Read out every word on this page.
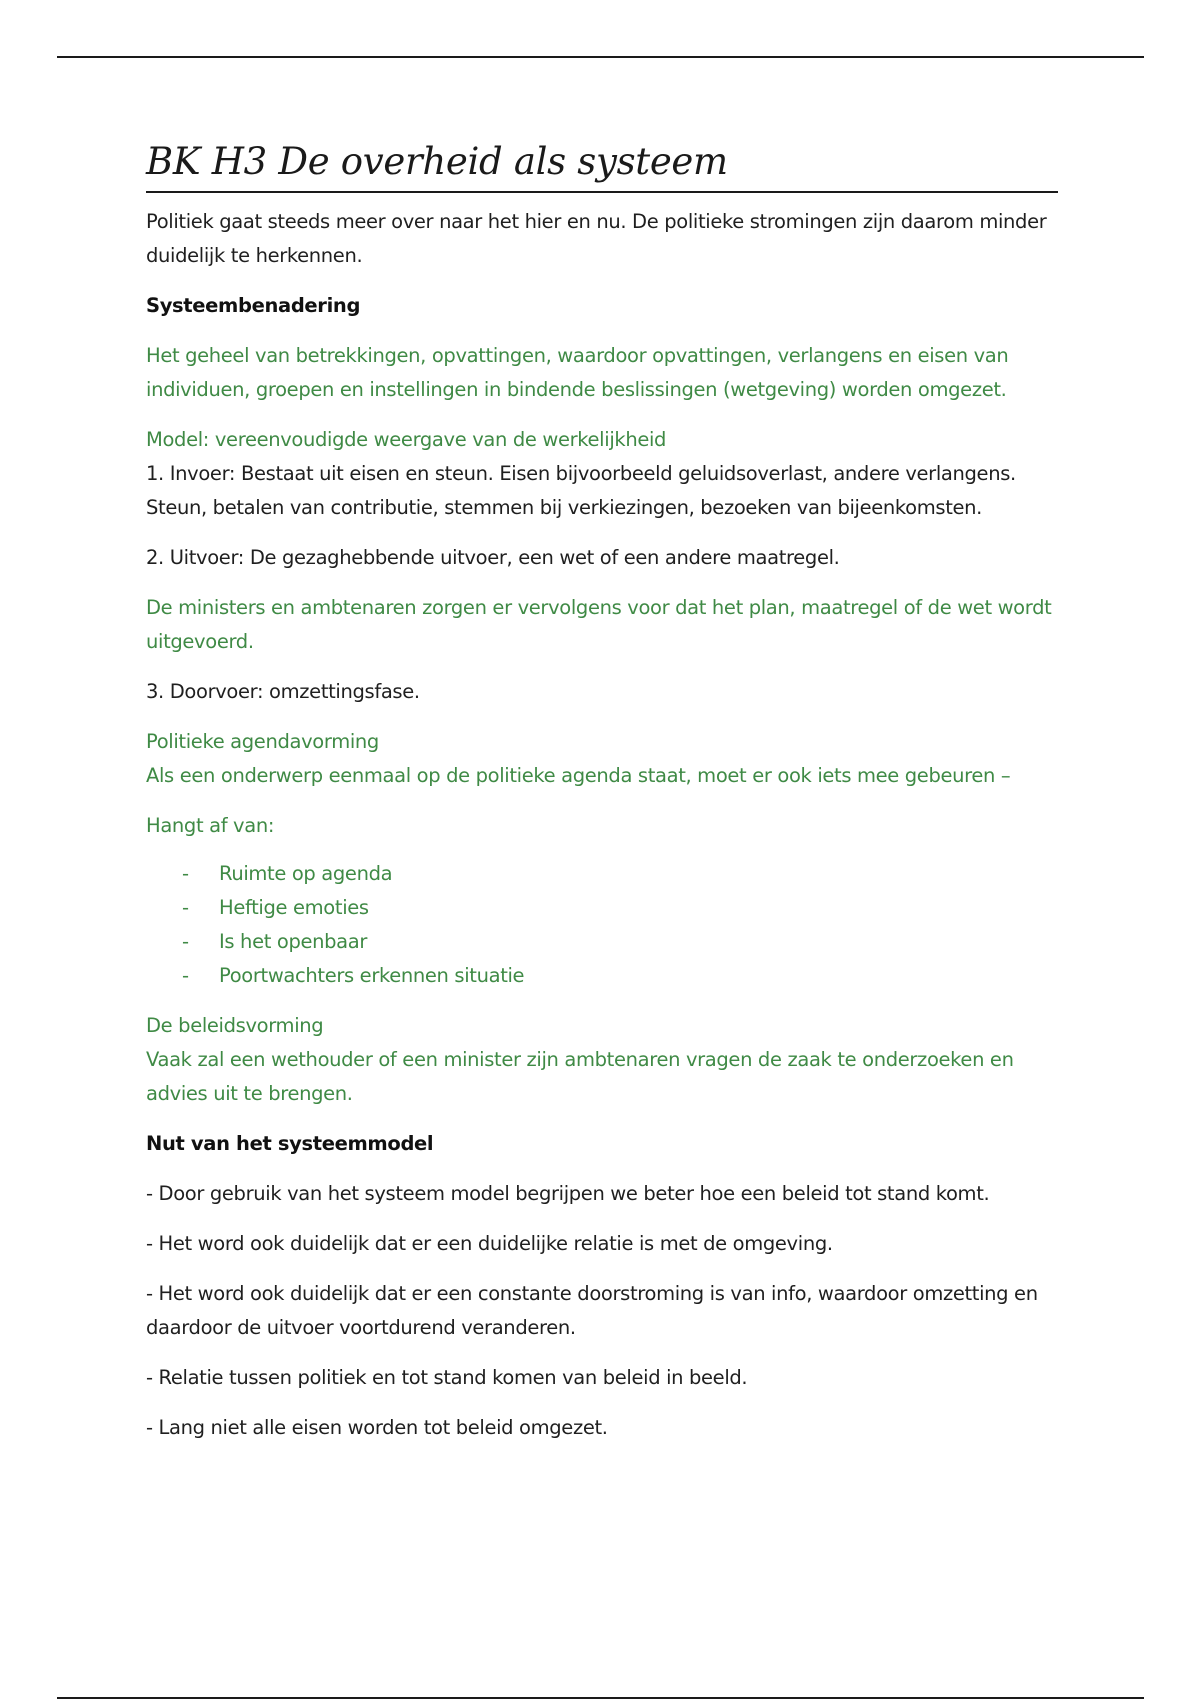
BK H3 De overheid als systeem

Politiek gaat steeds meer over naar het hier en nu. De politieke stromingen zijn daarom minder duidelijk te herkennen.

Systeembenadering

Het geheel van betrekkingen, opvattingen, waardoor opvattingen, verlangens en eisen van individuen, groepen en instellingen in bindende beslissingen (wetgeving) worden omgezet.

Model: vereenvoudigde weergave van de werkelijkheid

1. Invoer: Bestaat uit eisen en steun. Eisen bijvoorbeeld geluidsoverlast, andere verlangens. Steun, betalen van contributie, stemmen bij verkiezingen, bezoeken van bijeenkomsten.

2. Uitvoer: De gezaghebbende uitvoer, een wet of een andere maatregel.

De ministers en ambtenaren zorgen er vervolgens voor dat het plan, maatregel of de wet wordt uitgevoerd.

3. Doorvoer: omzettingsfase.

Politieke agendavorming

Als een onderwerp eenmaal op de politieke agenda staat, moet er ook iets mee gebeuren –

Hangt af van:

- Ruimte op agenda
- Heftige emoties
- Is het openbaar
- Poortwachters erkennen situatie

De beleidsvorming

Vaak zal een wethouder of een minister zijn ambtenaren vragen de zaak te onderzoeken en advies uit te brengen.

Nut van het systeemmodel

- Door gebruik van het systeem model begrijpen we beter hoe een beleid tot stand komt.

- Het word ook duidelijk dat er een duidelijke relatie is met de omgeving.

- Het word ook duidelijk dat er een constante doorstroming is van info, waardoor omzetting en daardoor de uitvoer voortdurend veranderen.

- Relatie tussen politiek en tot stand komen van beleid in beeld.

- Lang niet alle eisen worden tot beleid omgezet.
